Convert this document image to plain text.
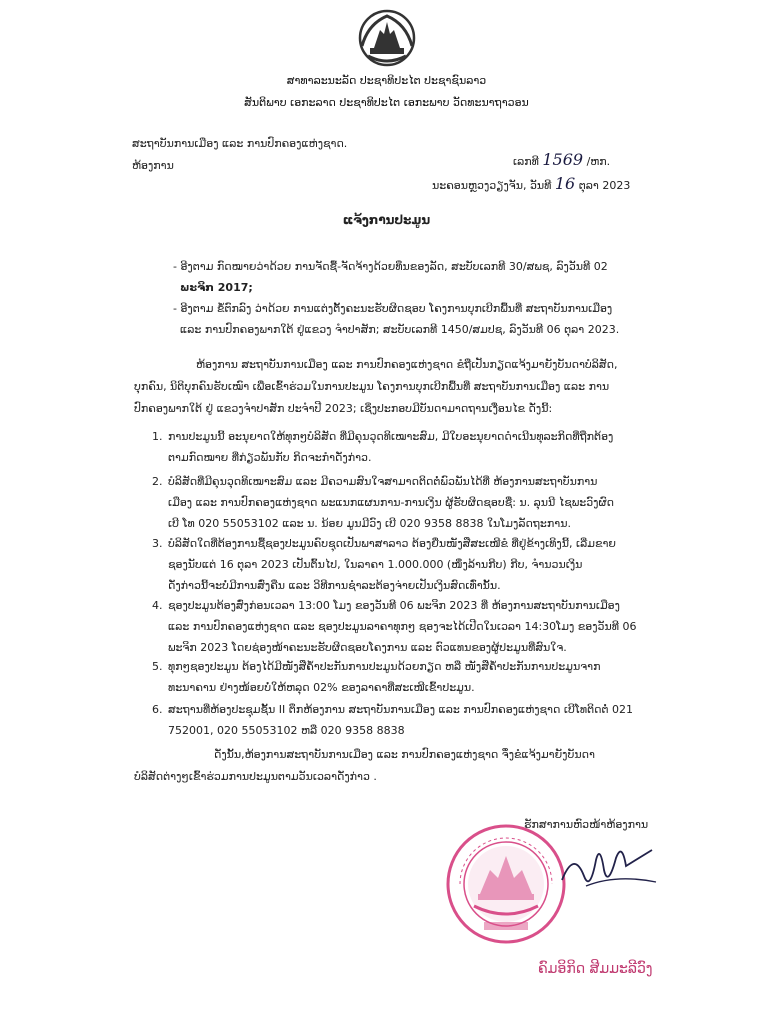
ສາທາລະນະລັດ ປະຊາທິປະໄຕ ປະຊາຊົນລາວ
ສັນຕິພາບ ເອກະລາດ ປະຊາທິປະໄຕ ເອກະພາບ ວັດທະນາຖາວອນ
ສະຖາບັນການເມືອງ ແລະ ການປົກຄອງແຫ່ງຊາດ.
ຫ້ອງການ	ເລກທີ 1569 /ຫກ.
ນະຄອນຫຼວງວຽງຈັນ, ວັນທີ 16 ຕຸລາ 2023
ແຈ້ງການປະມູນ
- ອີງຕາມ ກົດໝາຍວ່າດ້ວຍ ການຈັດຊື້-ຈັດຈ້າງດ້ວຍທຶນຂອງລັດ, ສະບັບເລກທີ 30/ສພຊ, ລົງວັນທີ 02
ພະຈິກ 2017;
- ອີງຕາມ ຂໍ້ຕົກລົງ ວ່າດ້ວຍ ການແຕ່ງຕັ້ງຄະນະຮັບຜິດຊອບ ໂຄງການບຸກເບີກພື້ນທີ່ ສະຖາບັນການເມືອງ
ແລະ ການປົກຄອງພາກໃຕ້ ຢູ່ແຂວງ ຈຳປາສັກ; ສະບັບເລກທີ 1450/ສມປຊ, ລົງວັນທີ 06 ຕຸລາ 2023.
ຫ້ອງການ ສະຖາບັນການເມືອງ ແລະ ການປົກຄອງແຫ່ງຊາດ ຂໍຖືເປັນກຽດແຈ້ງມາຍັງບັນດາບໍລິສັດ,
ບຸກຄົນ, ນິຕິບຸກຄົນຮັບເໝົາ ເພື່ອເຂົ້າຮ່ວມໃນການປະມູນ ໂຄງການບຸກເບີກພື້ນທີ່ ສະຖາບັນການເມືອງ ແລະ ການ
ປົກຄອງພາກໃຕ້ ຢູ່ ແຂວງຈຳປາສັກ ປະຈຳປີ 2023; ເຊິ່ງປະກອບມີບັນດາມາດຖານເງື່ອນໄຂ ດັ່ງນີ້:
1. ການປະມູນນີ້ ອະນຸຍາດໃຫ້ທຸກໆບໍລິສັດ ທີ່ມີຄຸນວຸດທິເໝາະສົມ, ມີໃບອະນຸຍາດດຳເນີນທຸລະກິດທີ່ຖືກຕ້ອງ
ຕາມກົດໝາຍ ທີ່ກ່ຽວພັນກັບ ກິດຈະກຳດັ່ງກ່າວ.
2. ບໍລິສັດທີ່ມີຄຸນວຸດທິເໝາະສົມ ແລະ ມີຄວາມສົນໃຈສາມາດຕິດຕໍ່ພົວພັນໄດ້ທີ່ ຫ້ອງການສະຖາບັນການ
ເມືອງ ແລະ ການປົກຄອງແຫ່ງຊາດ ພະແນກແຜນການ-ການເງິນ ຜູ້ຮັບຜິດຊອບຊື່: ນ. ລຸນນີ ໄຊພະວົງຜົດ
ເບີ ໂທ 020 55053102 ແລະ ນ. ນ້ອຍ ມູນມີວົງ ເບີ 020 9358 8838 ໃນໂມງລັດຖະການ.
3. ບໍລິສັດໃດທີ່ຕ້ອງການຊື້ຊອງປະມູນຄົບຊຸດເປັນພາສາລາວ ຕ້ອງຍື່ນໜັງສືສະເໜີຂໍ ທີ່ຢູ່ຂ້າງເທິງນີ້, ເລີ່ມຂາຍ
ຊອງນັບແຕ່ 16 ຕຸລາ 2023 ເປັນຕົ້ນໄປ, ໃນລາຄາ 1.000.000 (ໜຶ່ງລ້ານກີບ) ກີບ, ຈຳນວນເງິນ
ດັ່ງກ່າວນີ້ຈະບໍ່ມີການສົ່ງຄືນ ແລະ ວິທີການຊຳລະຕ້ອງຈ່າຍເປັນເງິນສົດເທົ່ານັ້ນ.
4. ຊອງປະມູນຕ້ອງສົ່ງກ່ອນເວລາ 13:00 ໂມງ ຂອງວັນທີ 06 ພະຈິກ 2023 ທີ່ ຫ້ອງການສະຖາບັນການເມືອງ
ແລະ ການປົກຄອງແຫ່ງຊາດ ແລະ ຊອງປະມູນລາຄາທຸກໆ ຊອງຈະໄດ້ເປີດໃນເວລາ 14:30ໂມງ ຂອງວັນທີ 06
ພະຈິກ 2023 ໂດຍຊ່ອງໜ້າຄະນະຮັບຜິດຊອບໂຄງການ ແລະ ຕົວແທນຂອງຜູ້ປະມູນທີ່ສົນໃຈ.
5. ທຸກໆຊອງປະມູນ ຕ້ອງໄດ້ມີໜັງສືຄ້ຳປະກັນການປະມູນດ້ວຍກຽດ ຫລື ໜັງສືຄ້ຳປະກັນການປະມູນຈາກ
ທະນາຄານ ຢ່າງໜ້ອຍບໍ່ໃຫ້ຫລຸດ 02% ຂອງລາຄາທີ່ສະເໜີເຂົ້າປະມູນ.
6. ສະຖານທີ່ຫ້ອງປະຊຸມຊັ້ນ II ຕຶກຫ້ອງການ ສະຖາບັນການເມືອງ ແລະ ການປົກຄອງແຫ່ງຊາດ ເບີໂທຕິດຕໍ່ 021
752001, 020 55053102 ຫລື 020 9358 8838
ດັ່ງນັ້ນ,ຫ້ອງການສະຖາບັນການເມືອງ ແລະ ການປົກຄອງແຫ່ງຊາດ ຈຶ່ງຂໍແຈ້ງມາຍັງບັນດາ
ບໍລິສັດຕ່າງໆເຂົ້າຮ່ວມການປະມູນຕາມວັນເວລາດັ່ງກ່າວ .
ຮັກສາການຫົວໜ້າຫ້ອງການ
ຄົມອິກິດ ສີມມະລີວົງ
